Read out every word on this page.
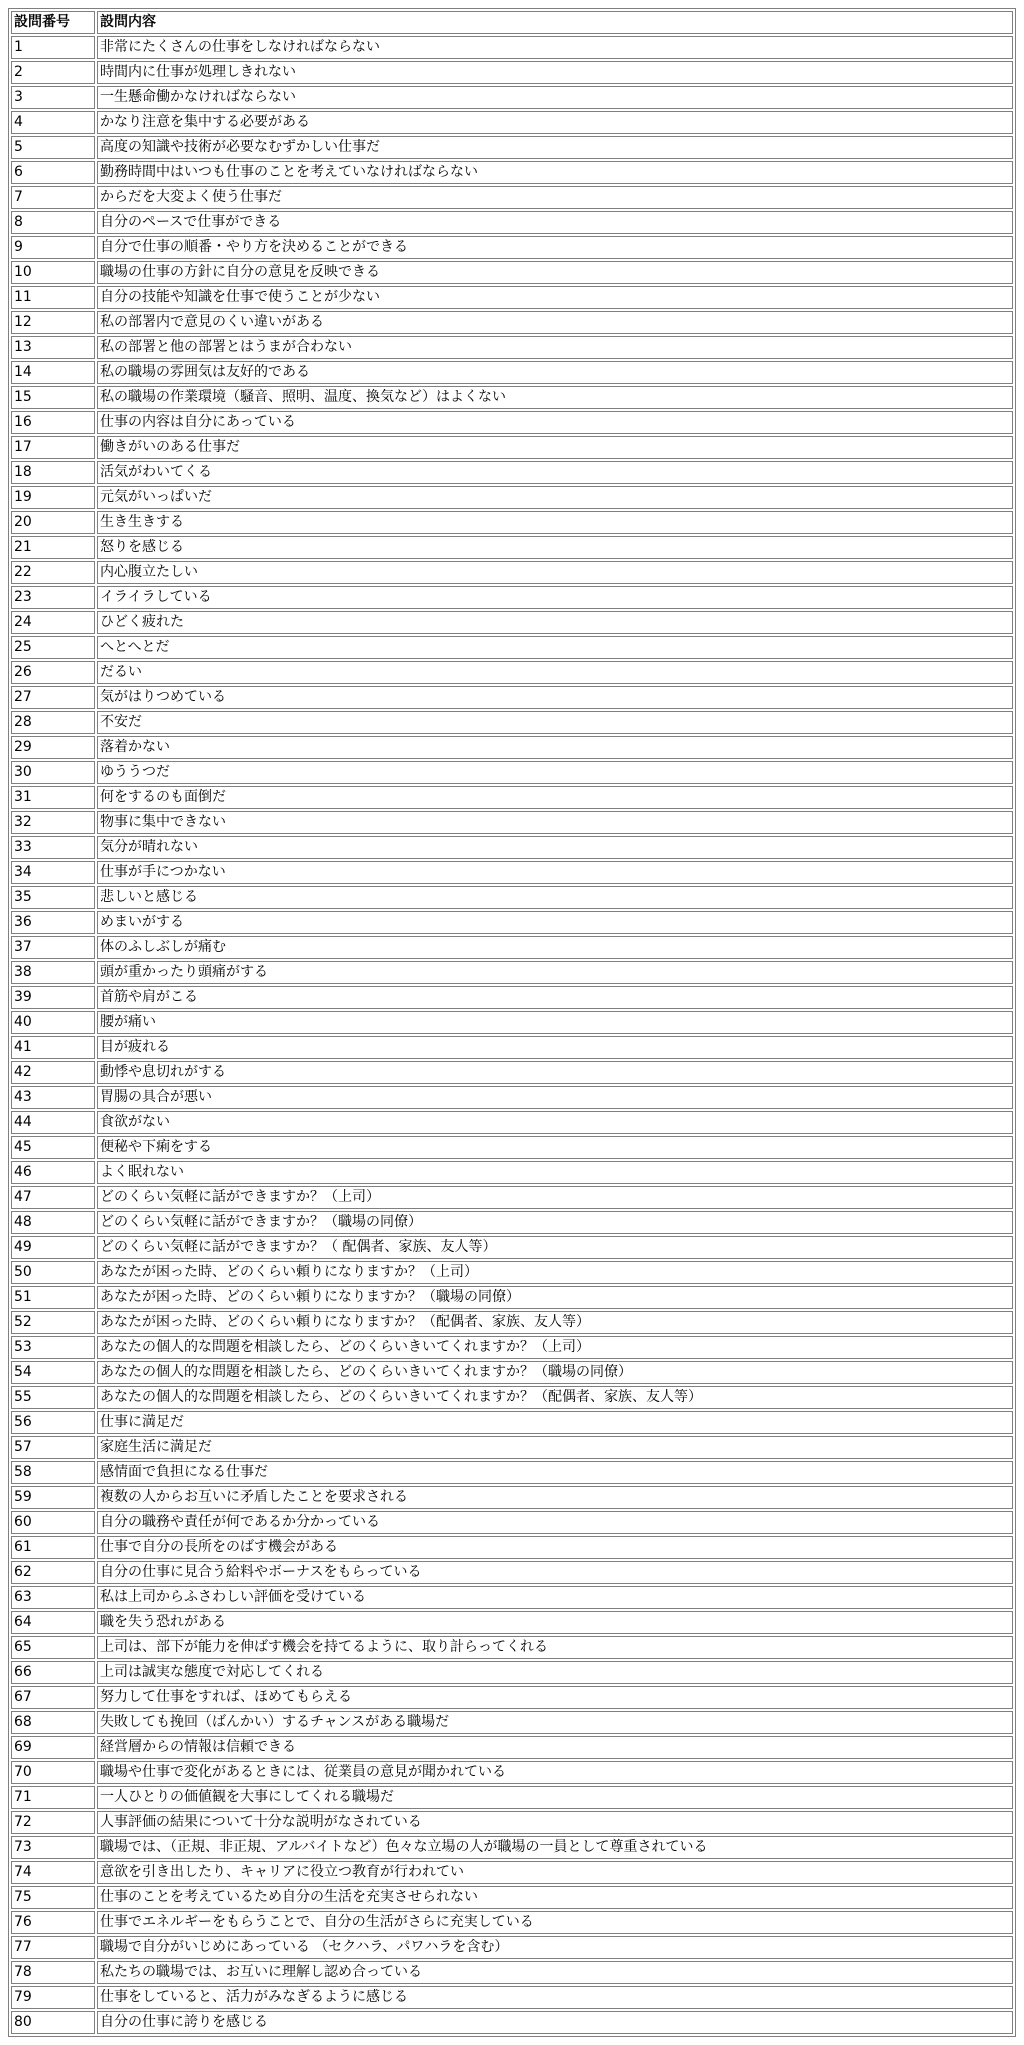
設問番号	設問内容
1	非常にたくさんの仕事をしなければならない
2	時間内に仕事が処理しきれない
3	一生懸命働かなければならない
4	かなり注意を集中する必要がある
5	高度の知識や技術が必要なむずかしい仕事だ
6	勤務時間中はいつも仕事のことを考えていなければならない
7	からだを大変よく使う仕事だ
8	自分のペースで仕事ができる
9	自分で仕事の順番・やり方を決めることができる
10	職場の仕事の方針に自分の意見を反映できる
11	自分の技能や知識を仕事で使うことが少ない
12	私の部署内で意見のくい違いがある
13	私の部署と他の部署とはうまが合わない
14	私の職場の雰囲気は友好的である
15	私の職場の作業環境（騒音、照明、温度、換気など）はよくない
16	仕事の内容は自分にあっている
17	働きがいのある仕事だ
18	活気がわいてくる
19	元気がいっぱいだ
20	生き生きする
21	怒りを感じる
22	内心腹立たしい
23	イライラしている
24	ひどく疲れた
25	へとへとだ
26	だるい
27	気がはりつめている
28	不安だ
29	落着かない
30	ゆううつだ
31	何をするのも面倒だ
32	物事に集中できない
33	気分が晴れない
34	仕事が手につかない
35	悲しいと感じる
36	めまいがする
37	体のふしぶしが痛む
38	頭が重かったり頭痛がする
39	首筋や肩がこる
40	腰が痛い
41	目が疲れる
42	動悸や息切れがする
43	胃腸の具合が悪い
44	食欲がない
45	便秘や下痢をする
46	よく眠れない
47	どのくらい気軽に話ができますか？（上司）
48	どのくらい気軽に話ができますか？（職場の同僚）
49	どのくらい気軽に話ができますか？（ 配偶者、家族、友人等）
50	あなたが困った時、どのくらい頼りになりますか？（上司）
51	あなたが困った時、どのくらい頼りになりますか？（職場の同僚）
52	あなたが困った時、どのくらい頼りになりますか？（配偶者、家族、友人等）
53	あなたの個人的な問題を相談したら、どのくらいきいてくれますか？（上司）
54	あなたの個人的な問題を相談したら、どのくらいきいてくれますか？（職場の同僚）
55	あなたの個人的な問題を相談したら、どのくらいきいてくれますか？（配偶者、家族、友人等）
56	仕事に満足だ
57	家庭生活に満足だ
58	感情面で負担になる仕事だ
59	複数の人からお互いに矛盾したことを要求される
60	自分の職務や責任が何であるか分かっている
61	仕事で自分の長所をのばす機会がある
62	自分の仕事に見合う給料やボーナスをもらっている
63	私は上司からふさわしい評価を受けている
64	職を失う恐れがある
65	上司は、部下が能力を伸ばす機会を持てるように、取り計らってくれる
66	上司は誠実な態度で対応してくれる
67	努力して仕事をすれば、ほめてもらえる
68	失敗しても挽回（ばんかい）するチャンスがある職場だ
69	経営層からの情報は信頼できる
70	職場や仕事で変化があるときには、従業員の意見が聞かれている
71	一人ひとりの価値観を大事にしてくれる職場だ
72	人事評価の結果について十分な説明がなされている
73	職場では、（正規、非正規、アルバイトなど）色々な立場の人が職場の一員として尊重されている
74	意欲を引き出したり、キャリアに役立つ教育が行われてい
75	仕事のことを考えているため自分の生活を充実させられない
76	仕事でエネルギーをもらうことで、自分の生活がさらに充実している
77	職場で自分がいじめにあっている （セクハラ、パワハラを含む）
78	私たちの職場では、お互いに理解し認め合っている
79	仕事をしていると、活力がみなぎるように感じる
80	自分の仕事に誇りを感じる
